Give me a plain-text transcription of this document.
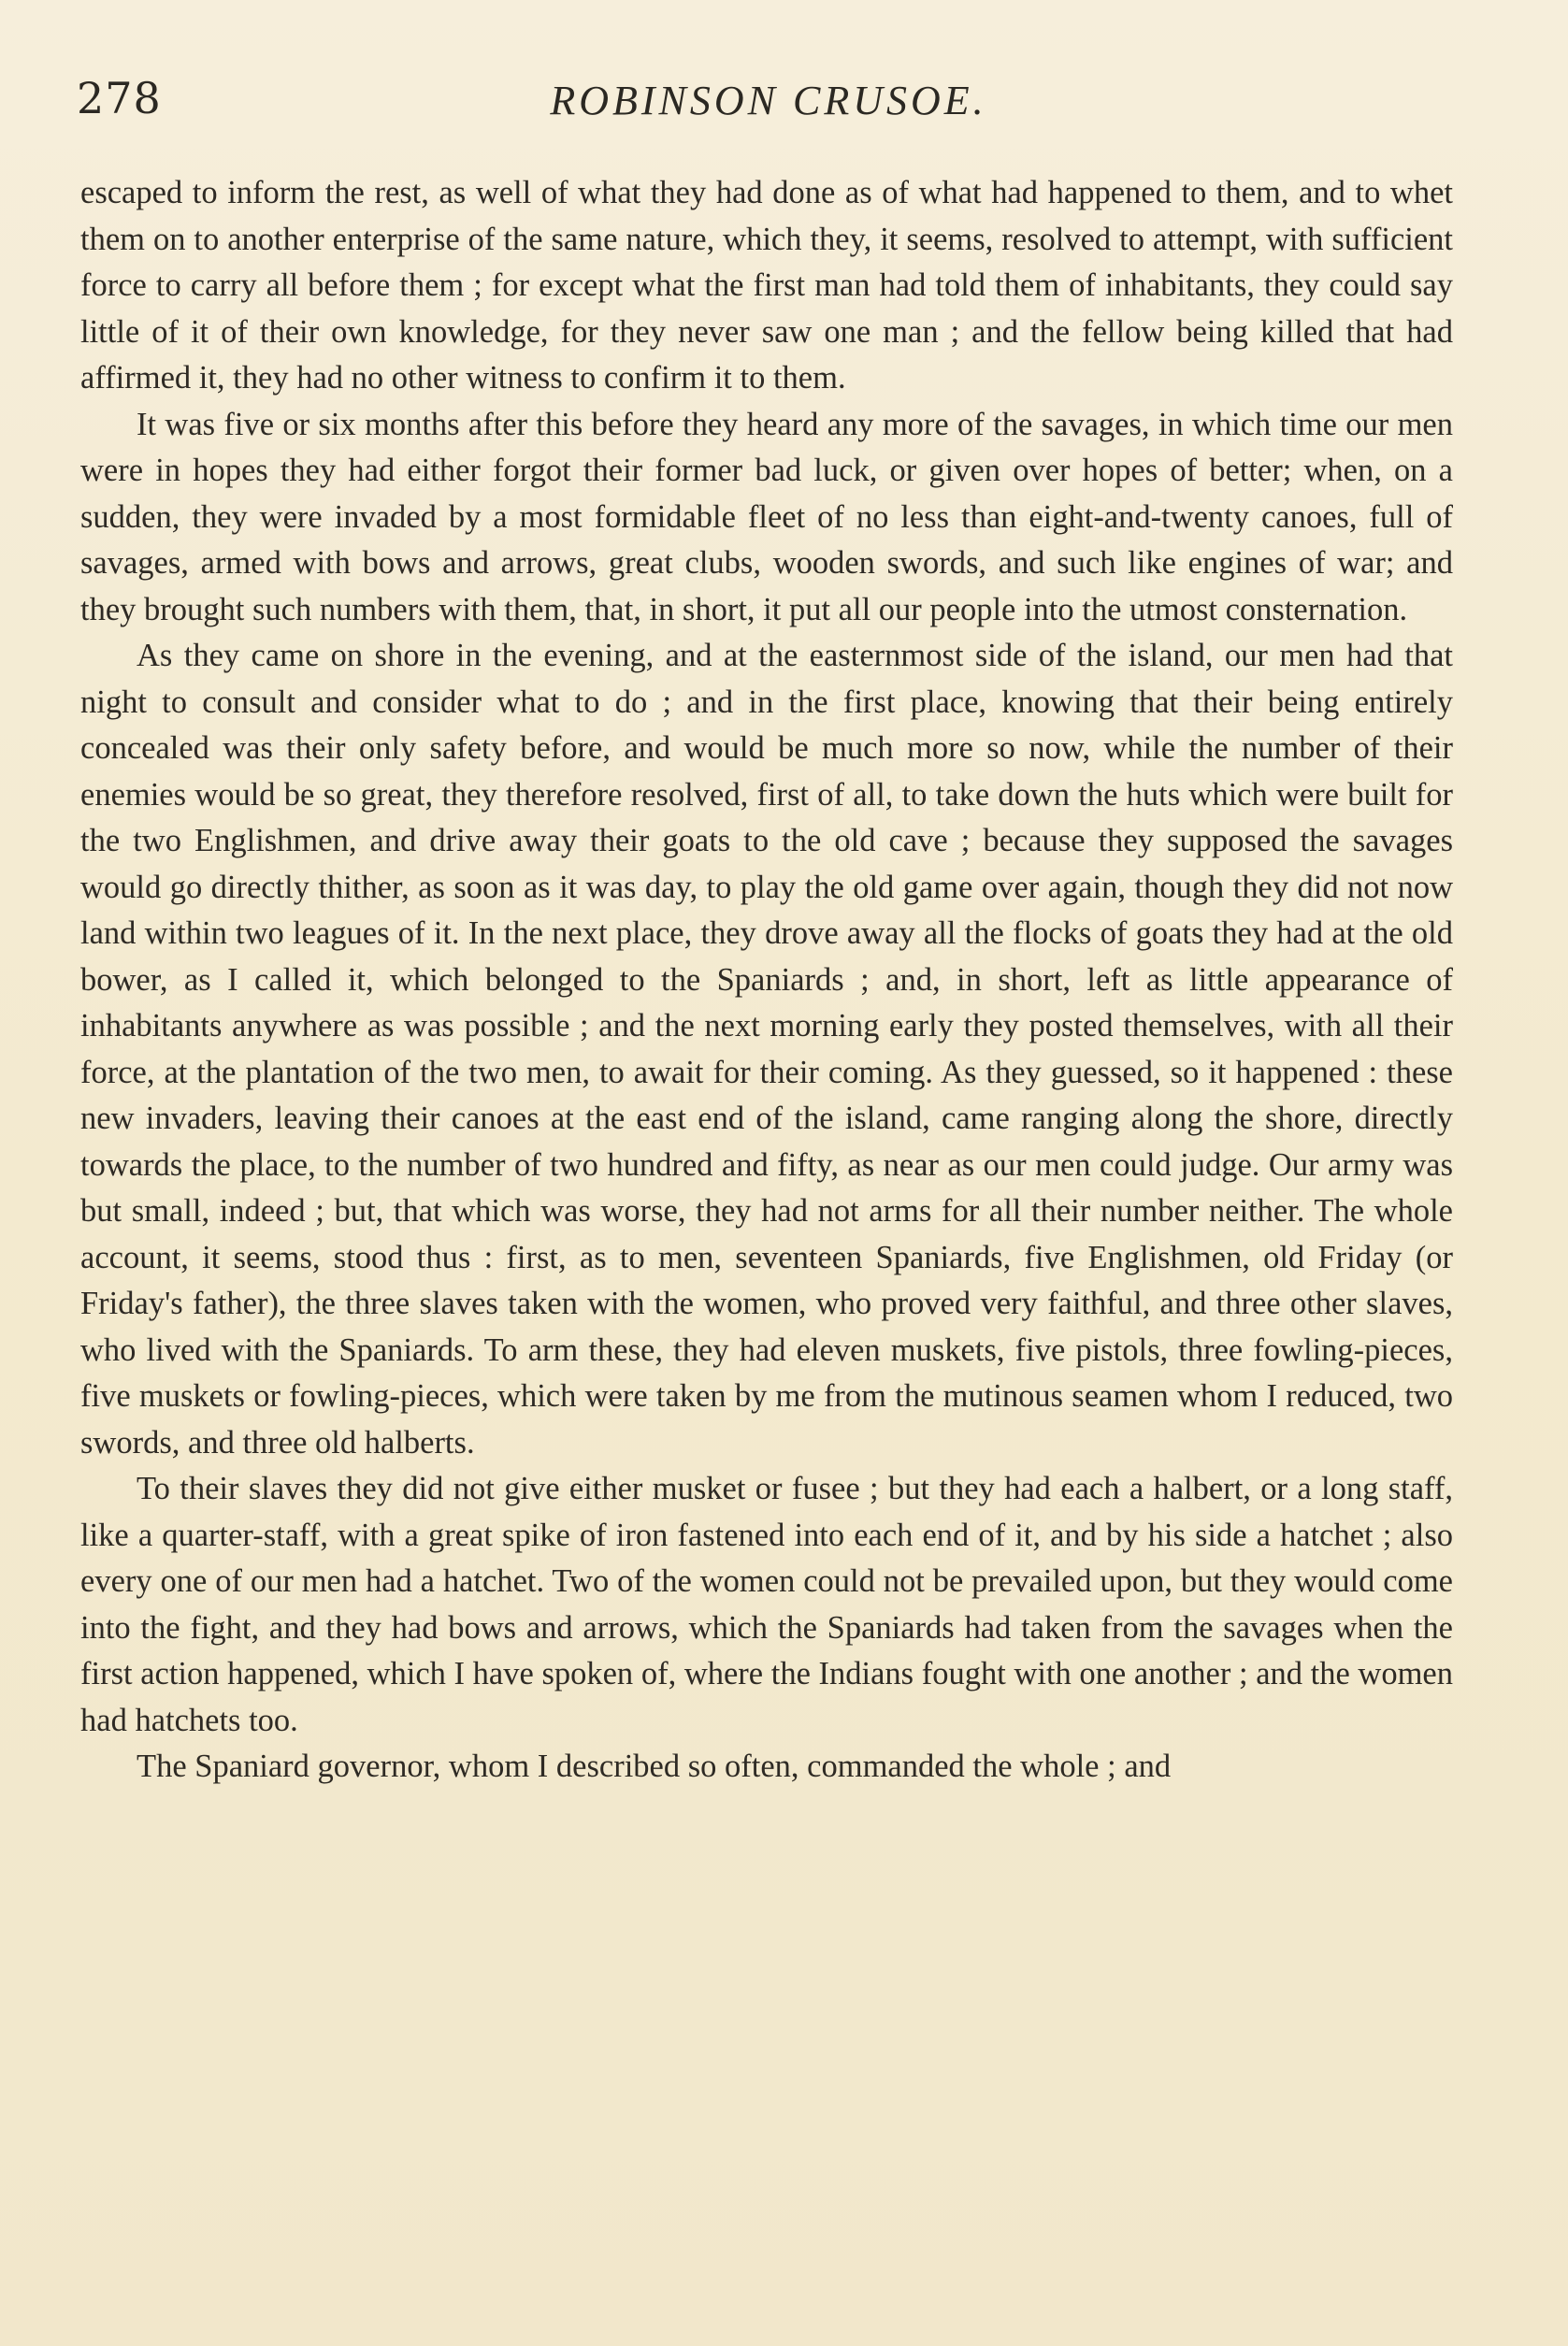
278	ROBINSON CRUSOE.

escaped to inform the rest, as well of what they had done as of what had happened to them, and to whet them on to another enterprise of the same nature, which they, it seems, resolved to attempt, with sufficient force to carry all before them ; for except what the first man had told them of inhabitants, they could say little of it of their own knowledge, for they never saw one man ; and the fellow being killed that had affirmed it, they had no other witness to confirm it to them.

It was five or six months after this before they heard any more of the savages, in which time our men were in hopes they had either forgot their former bad luck, or given over hopes of better; when, on a sudden, they were invaded by a most formidable fleet of no less than eight-and-twenty canoes, full of savages, armed with bows and arrows, great clubs, wooden swords, and such like engines of war; and they brought such numbers with them, that, in short, it put all our people into the utmost consternation.

As they came on shore in the evening, and at the easternmost side of the island, our men had that night to consult and consider what to do ; and in the first place, knowing that their being entirely concealed was their only safety before, and would be much more so now, while the number of their enemies would be so great, they therefore resolved, first of all, to take down the huts which were built for the two Englishmen, and drive away their goats to the old cave ; because they supposed the savages would go directly thither, as soon as it was day, to play the old game over again, though they did not now land within two leagues of it. In the next place, they drove away all the flocks of goats they had at the old bower, as I called it, which belonged to the Spaniards ; and, in short, left as little appearance of inhabitants anywhere as was possible ; and the next morning early they posted themselves, with all their force, at the plantation of the two men, to await for their coming. As they guessed, so it happened : these new invaders, leaving their canoes at the east end of the island, came ranging along the shore, directly towards the place, to the number of two hundred and fifty, as near as our men could judge. Our army was but small, indeed ; but, that which was worse, they had not arms for all their number neither. The whole account, it seems, stood thus : first, as to men, seventeen Spaniards, five Englishmen, old Friday (or Friday's father), the three slaves taken with the women, who proved very faithful, and three other slaves, who lived with the Spaniards. To arm these, they had eleven muskets, five pistols, three fowling-pieces, five muskets or fowling-pieces, which were taken by me from the mutinous seamen whom I reduced, two swords, and three old halberts.

To their slaves they did not give either musket or fusee ; but they had each a halbert, or a long staff, like a quarter-staff, with a great spike of iron fastened into each end of it, and by his side a hatchet ; also every one of our men had a hatchet. Two of the women could not be prevailed upon, but they would come into the fight, and they had bows and arrows, which the Spaniards had taken from the savages when the first action happened, which I have spoken of, where the Indians fought with one another ; and the women had hatchets too.

The Spaniard governor, whom I described so often, commanded the whole ; and
